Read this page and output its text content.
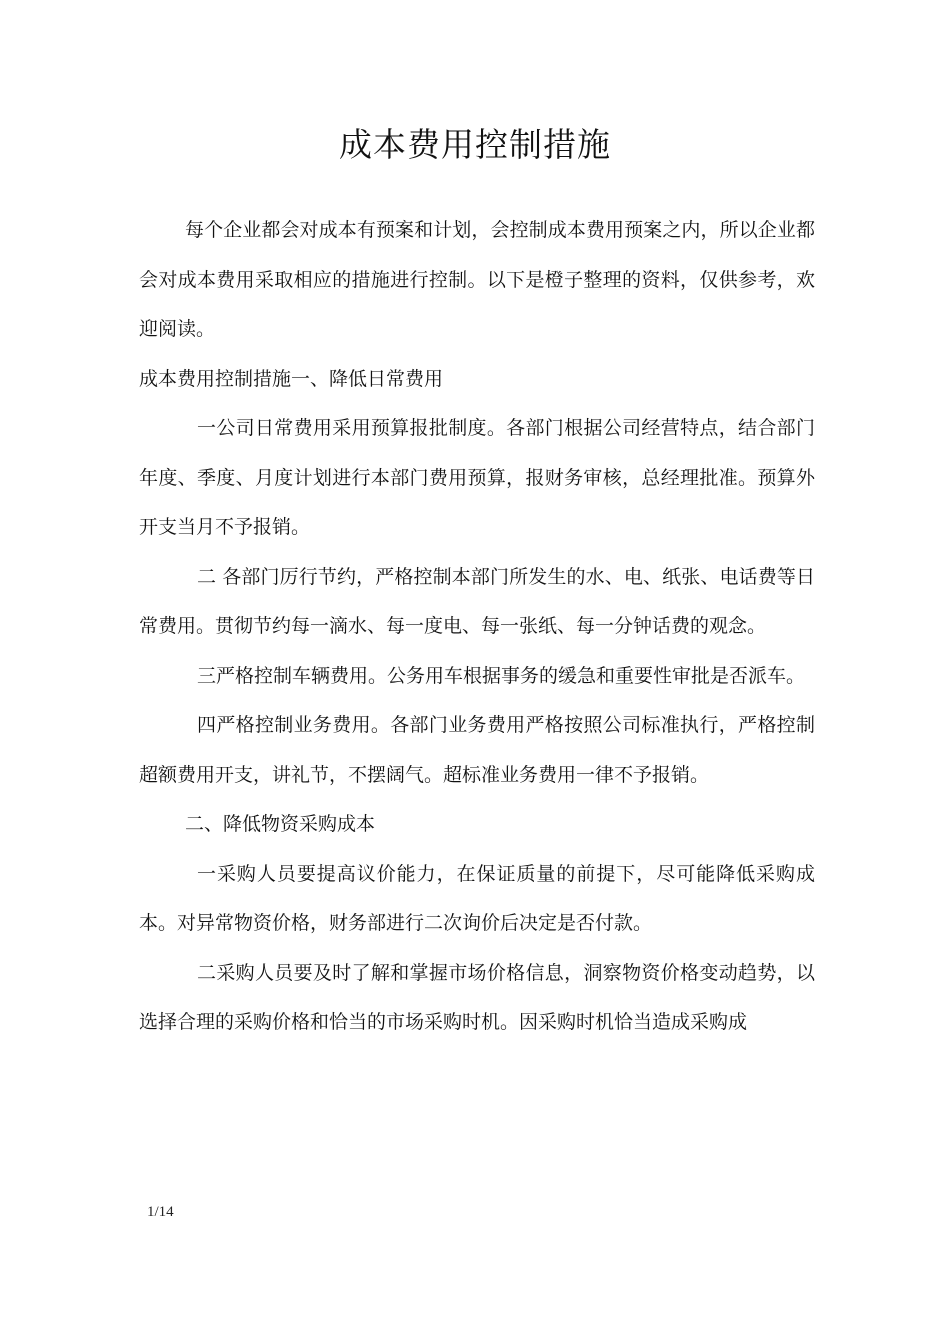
成本费用控制措施

每个企业都会对成本有预案和计划，会控制成本费用预案之内，所以企业都会对成本费用采取相应的措施进行控制。以下是橙子整理的资料，仅供参考，欢迎阅读。

成本费用控制措施一、降低日常费用

一公司日常费用采用预算报批制度。各部门根据公司经营特点，结合部门年度、季度、月度计划进行本部门费用预算，报财务审核，总经理批准。预算外开支当月不予报销。

二 各部门厉行节约，严格控制本部门所发生的水、电、纸张、电话费等日常费用。贯彻节约每一滴水、每一度电、每一张纸、每一分钟话费的观念。

三严格控制车辆费用。公务用车根据事务的缓急和重要性审批是否派车。

四严格控制业务费用。各部门业务费用严格按照公司标准执行，严格控制超额费用开支，讲礼节，不摆阔气。超标准业务费用一律不予报销。

二、降低物资采购成本

一采购人员要提高议价能力，在保证质量的前提下，尽可能降低采购成本。对异常物资价格，财务部进行二次询价后决定是否付款。

二采购人员要及时了解和掌握市场价格信息，洞察物资价格变动趋势，以选择合理的采购价格和恰当的市场采购时机。因采购时机恰当造成采购成

1/14
